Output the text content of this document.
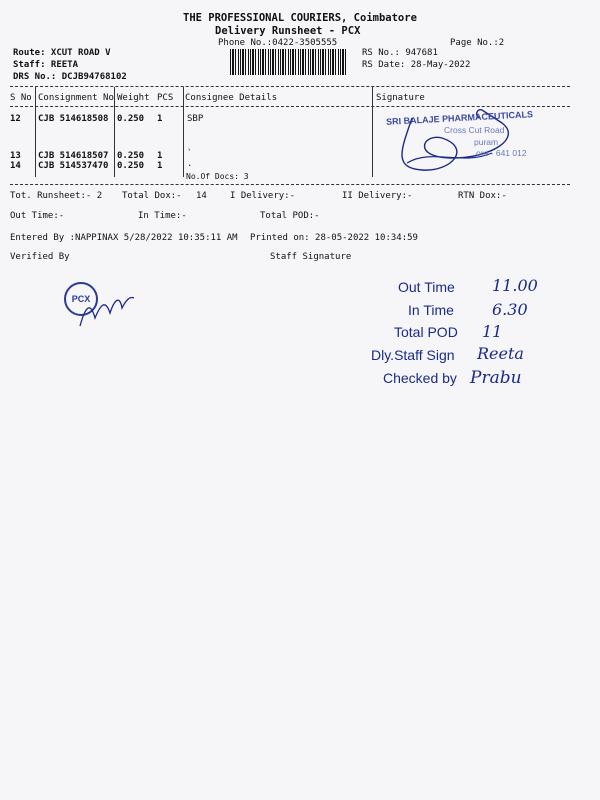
THE PROFESSIONAL COURIERS, Coimbatore
Delivery Runsheet - PCX
Phone No.:0422-3505555	Page No.:2
Route: XCUT ROAD V
Staff: REETA
DRS No.: DCJB94768102
RS No.: 947681
RS Date: 28-May-2022
S No Consignment No Weight PCS Consignee Details	Signature
12 CJB 514618508 0.250 1	SBP
13 CJB 514618507 0.250 1	`
14 CJB 514537470 0.250 1	.
No.Of Docs: 3
SRI BALAJE PHARMACEUTICALS
Cross Cut Road
puram
ore - 641 012
Tot. Runsheet:- 2 Total Dox:- 14	I Delivery:-	II Delivery:-	RTN Dox:-
Out Time:-	In Time:-	Total POD:-
Entered By :NAPPINAX 5/28/2022 10:35:11 AM Printed on: 28-05-2022 10:34:59
Verified By	Staff Signature
PCX
Out Time 11.00
In Time 6.30
Total POD 11
Dly.Staff Sign Reeta
Checked by Prabu
